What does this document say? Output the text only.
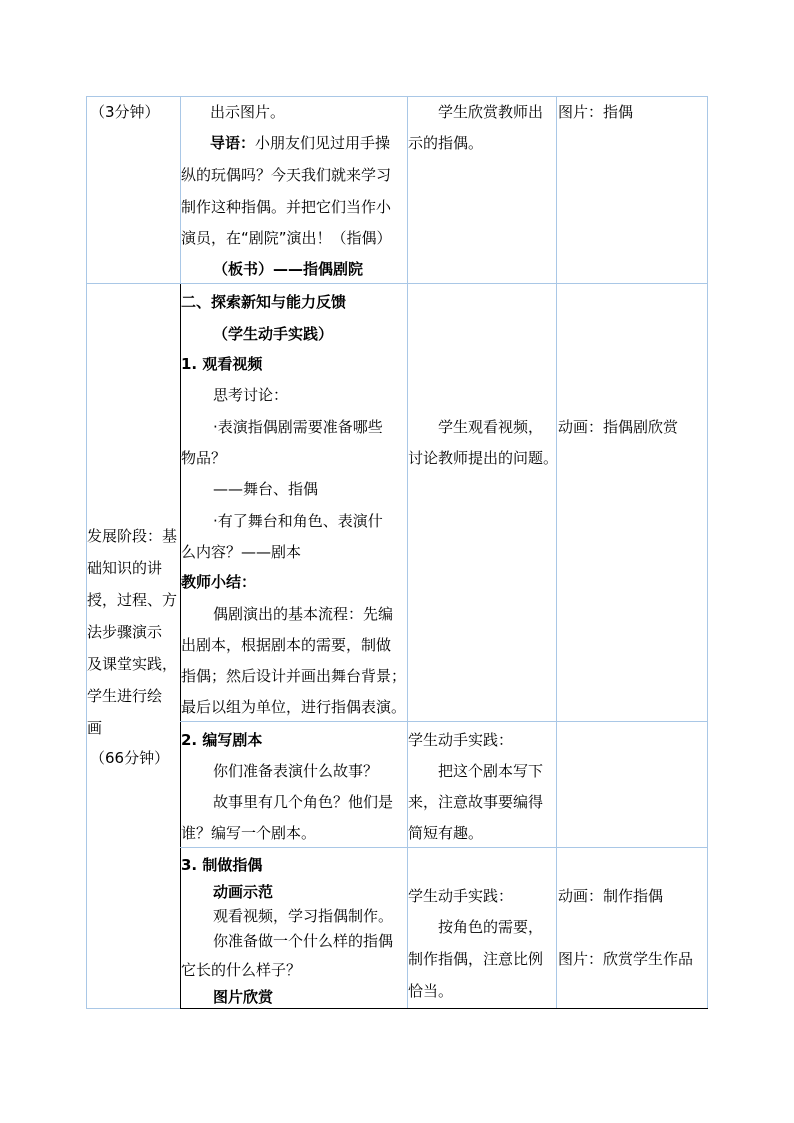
（3分钟）	出示图片。
导语：小朋友们见过用手操
纵的玩偶吗？今天我们就来学习
制作这种指偶。并把它们当作小
演员，在“剧院”演出！（指偶）
（板书）——指偶剧院
学生欣赏教师出
示的指偶。
图片：指偶
发展阶段：基
础知识的讲
授，过程、方
法步骤演示
及课堂实践，
学生进行绘
画
（66分钟）
二、探索新知与能力反馈
（学生动手实践）
1. 观看视频
思考讨论：
·表演指偶剧需要准备哪些
物品？
——舞台、指偶
·有了舞台和角色、表演什
么内容？——剧本
教师小结：
偶剧演出的基本流程：先编
出剧本，根据剧本的需要，制做
指偶；然后设计并画出舞台背景；
最后以组为单位，进行指偶表演。
学生观看视频，
讨论教师提出的问题。
动画：指偶剧欣赏
2. 编写剧本
你们准备表演什么故事？
故事里有几个角色？他们是
谁？编写一个剧本。
学生动手实践：
把这个剧本写下
来，注意故事要编得
简短有趣。
3. 制做指偶
动画示范
观看视频，学习指偶制作。
你准备做一个什么样的指偶
它长的什么样子？
图片欣赏
学生动手实践：
按角色的需要，
制作指偶，注意比例
恰当。
动画：制作指偶
图片：欣赏学生作品
